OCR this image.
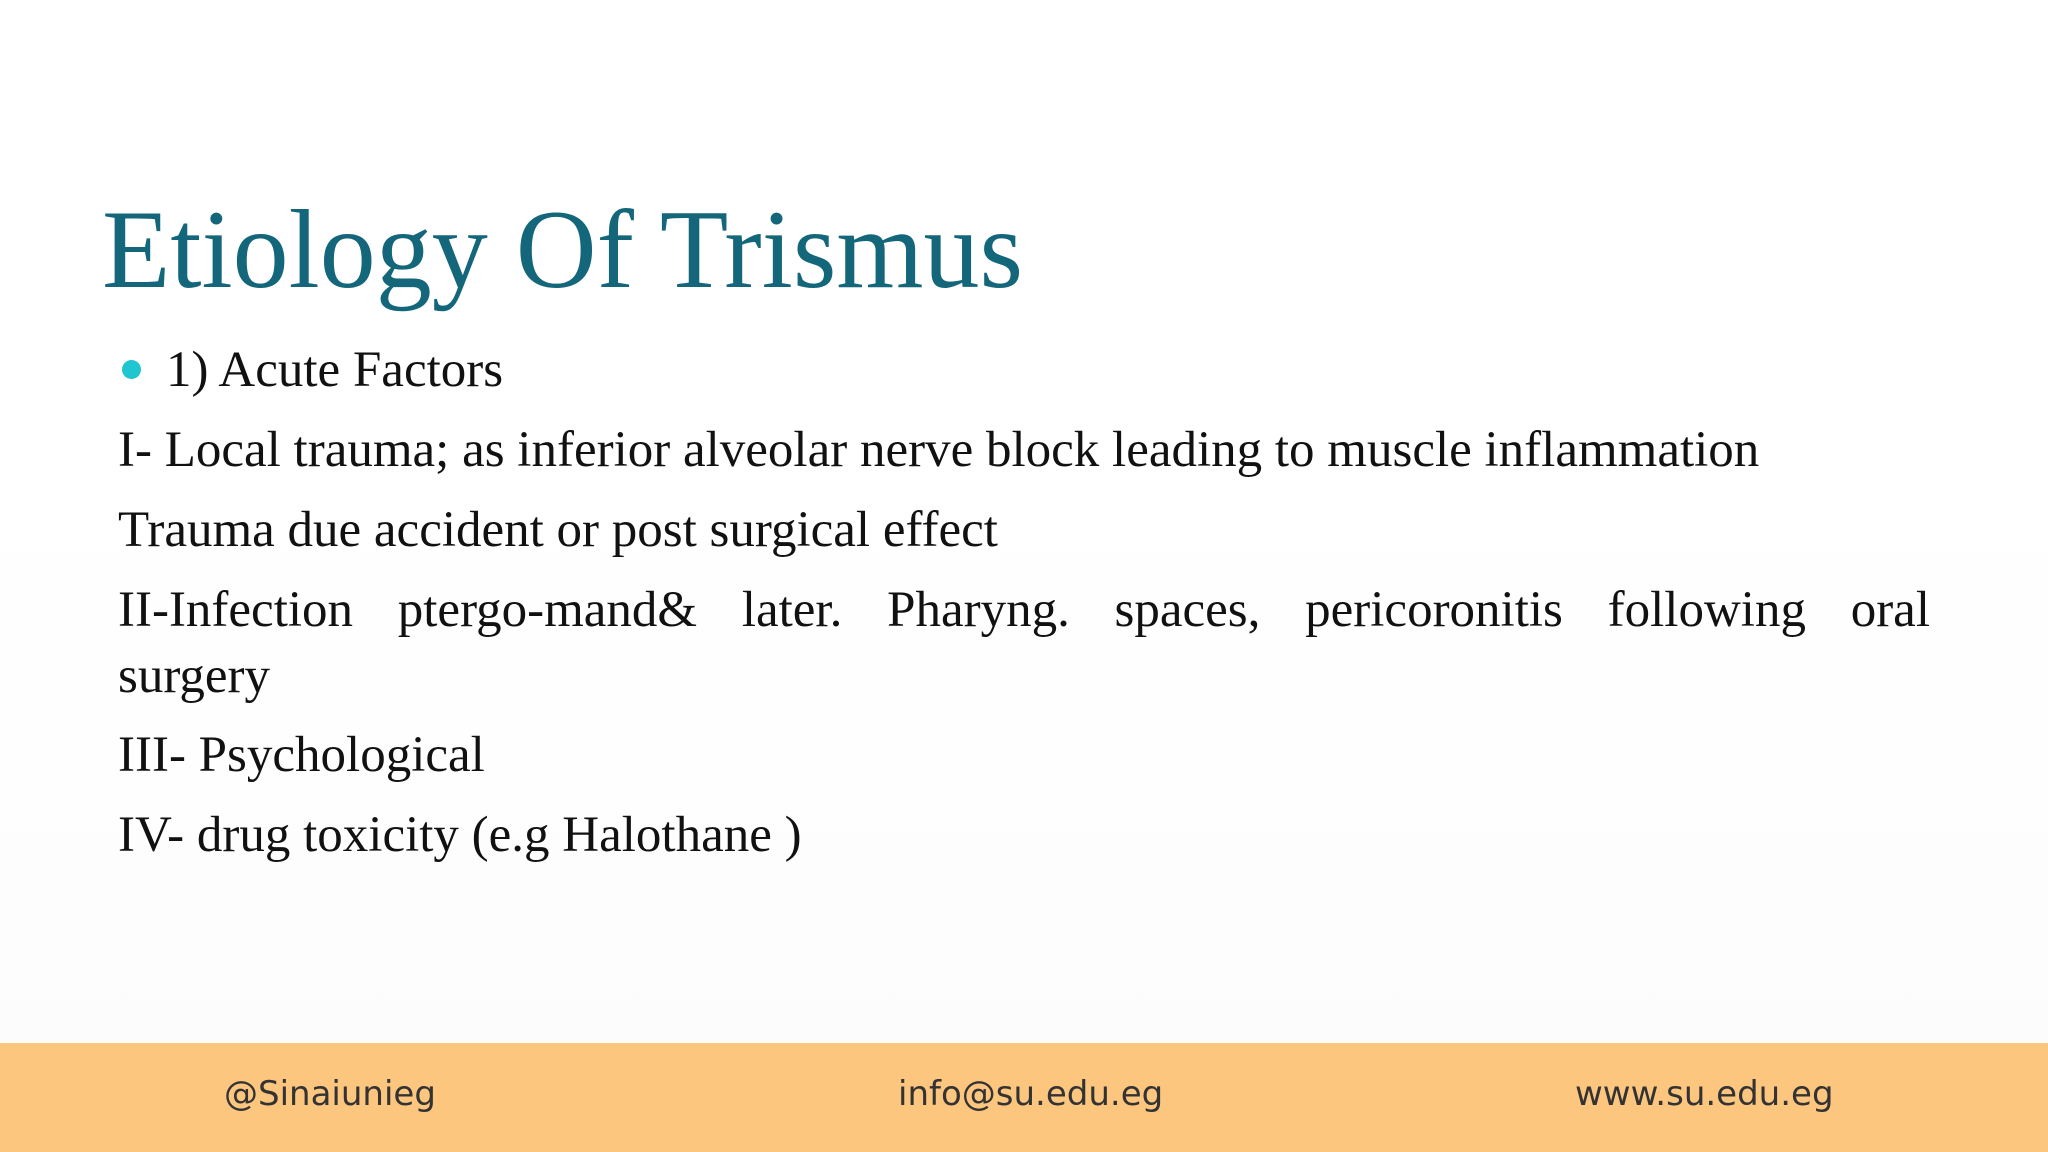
Etiology Of Trismus
1) Acute Factors
I- Local trauma; as inferior alveolar nerve block leading to muscle inflammation
Trauma due accident or post surgical effect
II-Infection ptergo-mand& later. Pharyng. spaces, pericoronitis following oral
surgery
III- Psychological
IV- drug toxicity (e.g Halothane )
@Sinaiunieg	info@su.edu.eg	www.su.edu.eg
